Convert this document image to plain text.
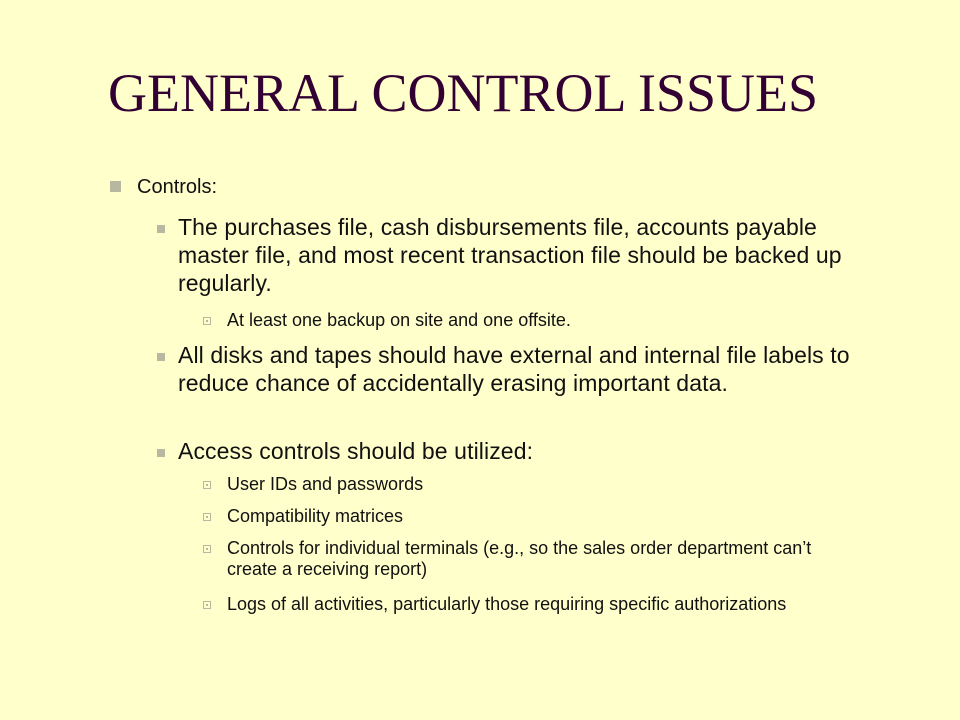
GENERAL CONTROL ISSUES
Controls:
The purchases file, cash disbursements file, accounts payable master file, and most recent transaction file should be backed up regularly.
At least one backup on site and one offsite.
All disks and tapes should have external and internal file labels to reduce chance of accidentally erasing important data.
Access controls should be utilized:
User IDs and passwords
Compatibility matrices
Controls for individual terminals (e.g., so the sales order department can’t create a receiving report)
Logs of all activities, particularly those requiring specific authorizations
